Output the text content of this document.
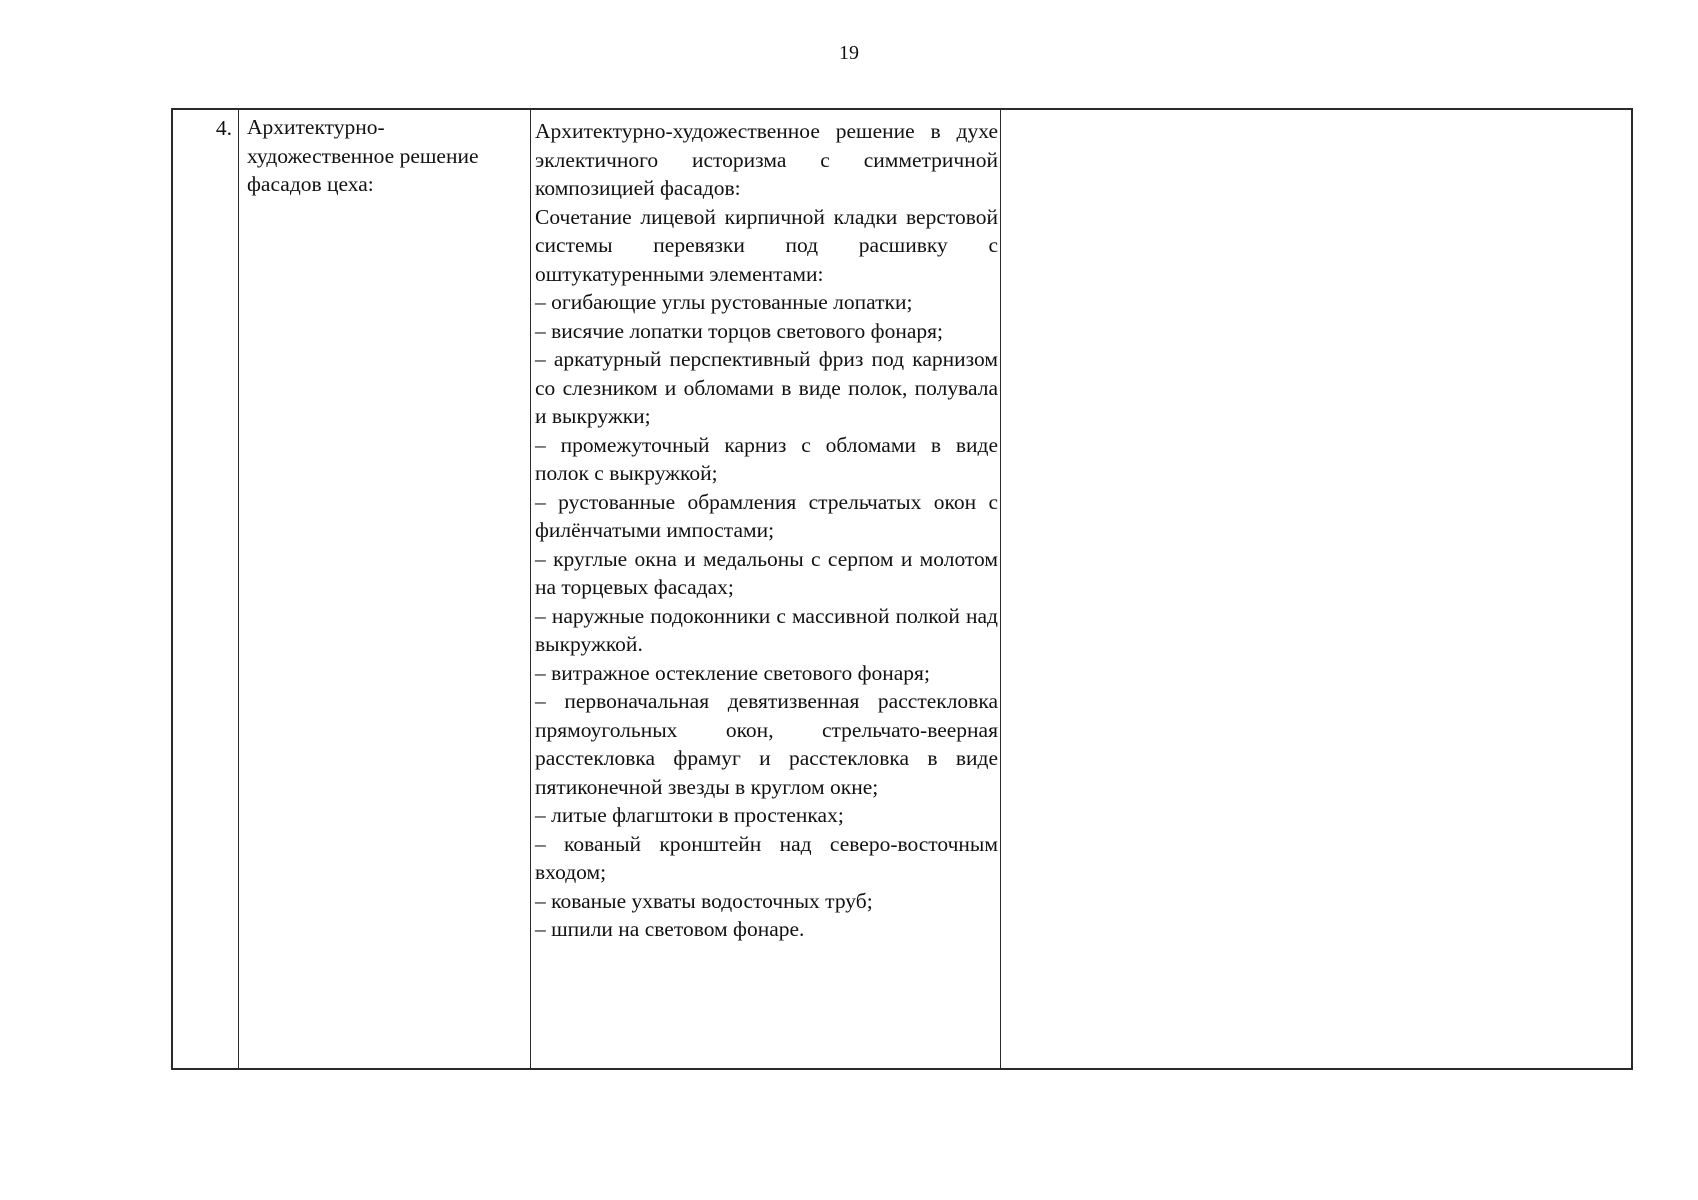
19
4. Архитектурно-художественное решение фасадов цеха:

Архитектурно-художественное решение в духе эклектичного историзма с симметричной композицией фасадов:

Сочетание лицевой кирпичной кладки верстовой системы перевязки под расшивку с оштукатуренными элементами:

– огибающие углы рустованные лопатки;
– висячие лопатки торцов светового фонаря;
– аркатурный перспективный фриз под карнизом со слезником и обломами в виде полок, полувала и выкружки;
– промежуточный карниз с обломами в виде полок с выкружкой;
– рустованные обрамления стрельчатых окон с филёнчатыми импостами;
– круглые окна и медальоны с серпом и молотом на торцевых фасадах;
– наружные подоконники с массивной полкой над выкружкой.
– витражное остекление светового фонаря;
– первоначальная девятизвенная расстекловка прямоугольных окон, стрельчато-веерная расстекловка фрамуг и расстекловка в виде пятиконечной звезды в круглом окне;
– литые флагштоки в простенках;
– кованый кронштейн над северо-восточным входом;
– кованые ухваты водосточных труб;
– шпили на световом фонаре.
